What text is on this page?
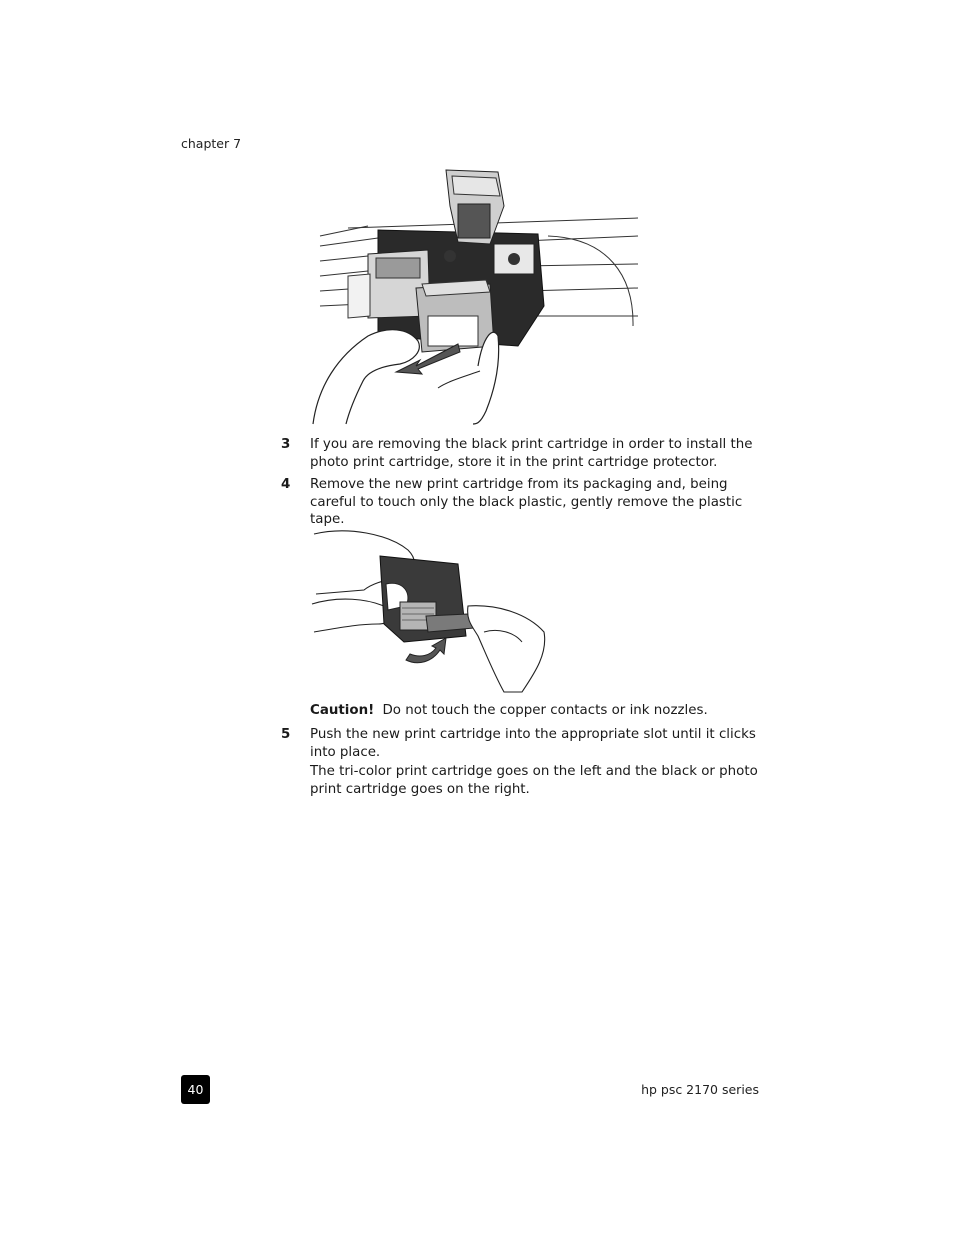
chapter 7
3 If you are removing the black print cartridge in order to install the photo print cartridge, store it in the print cartridge protector.
4 Remove the new print cartridge from its packaging and, being careful to touch only the black plastic, gently remove the plastic tape.
Caution! Do not touch the copper contacts or ink nozzles.
5 Push the new print cartridge into the appropriate slot until it clicks into place.
The tri-color print cartridge goes on the left and the black or photo print cartridge goes on the right.
40	hp psc 2170 series
